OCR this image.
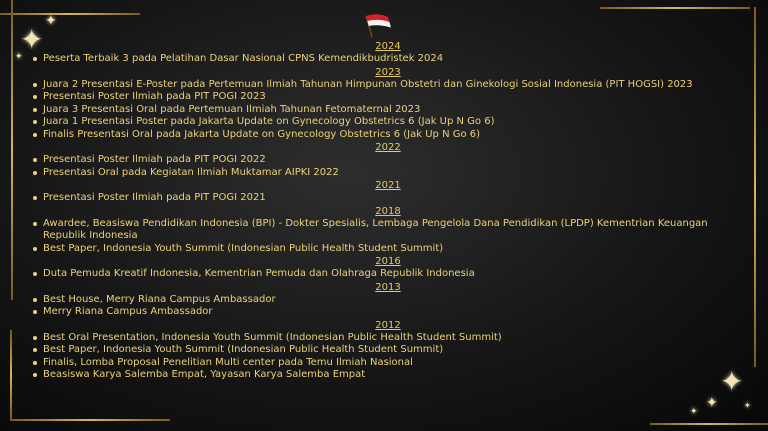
✦
✦
✦
✦
✦
✦
✦
2024
Peserta Terbaik 3 pada Pelatihan Dasar Nasional CPNS Kemendikbudristek 2024
2023
Juara 2 Presentasi E-Poster pada Pertemuan Ilmiah Tahunan Himpunan Obstetri dan Ginekologi Sosial Indonesia (PIT HOGSI) 2023
Presentasi Poster Ilmiah pada PIT POGI 2023
Juara 3 Presentasi Oral pada Pertemuan Ilmiah Tahunan Fetomaternal 2023
Juara 1 Presentasi Poster pada Jakarta Update on Gynecology Obstetrics 6 (Jak Up N Go 6)
Finalis Presentasi Oral pada Jakarta Update on Gynecology Obstetrics 6 (Jak Up N Go 6)
2022
Presentasi Poster Ilmiah pada PIT POGI 2022
Presentasi Oral pada Kegiatan Ilmiah Muktamar AIPKI 2022
2021
Presentasi Poster Ilmiah pada PIT POGI 2021
2018
Awardee, Beasiswa Pendidikan Indonesia (BPI) - Dokter Spesialis, Lembaga Pengelola Dana Pendidikan (LPDP) Kementrian Keuangan Republik Indonesia
Best Paper, Indonesia Youth Summit (Indonesian Public Health Student Summit)
2016
Duta Pemuda Kreatif Indonesia, Kementrian Pemuda dan Olahraga Republik Indonesia
2013
Best House, Merry Riana Campus Ambassador
Merry Riana Campus Ambassador
2012
Best Oral Presentation, Indonesia Youth Summit (Indonesian Public Health Student Summit)
Best Paper, Indonesia Youth Summit (Indonesian Public Health Student Summit)
Finalis, Lomba Proposal Penelitian Multi center pada Temu Ilmiah Nasional
Beasiswa Karya Salemba Empat, Yayasan Karya Salemba Empat
